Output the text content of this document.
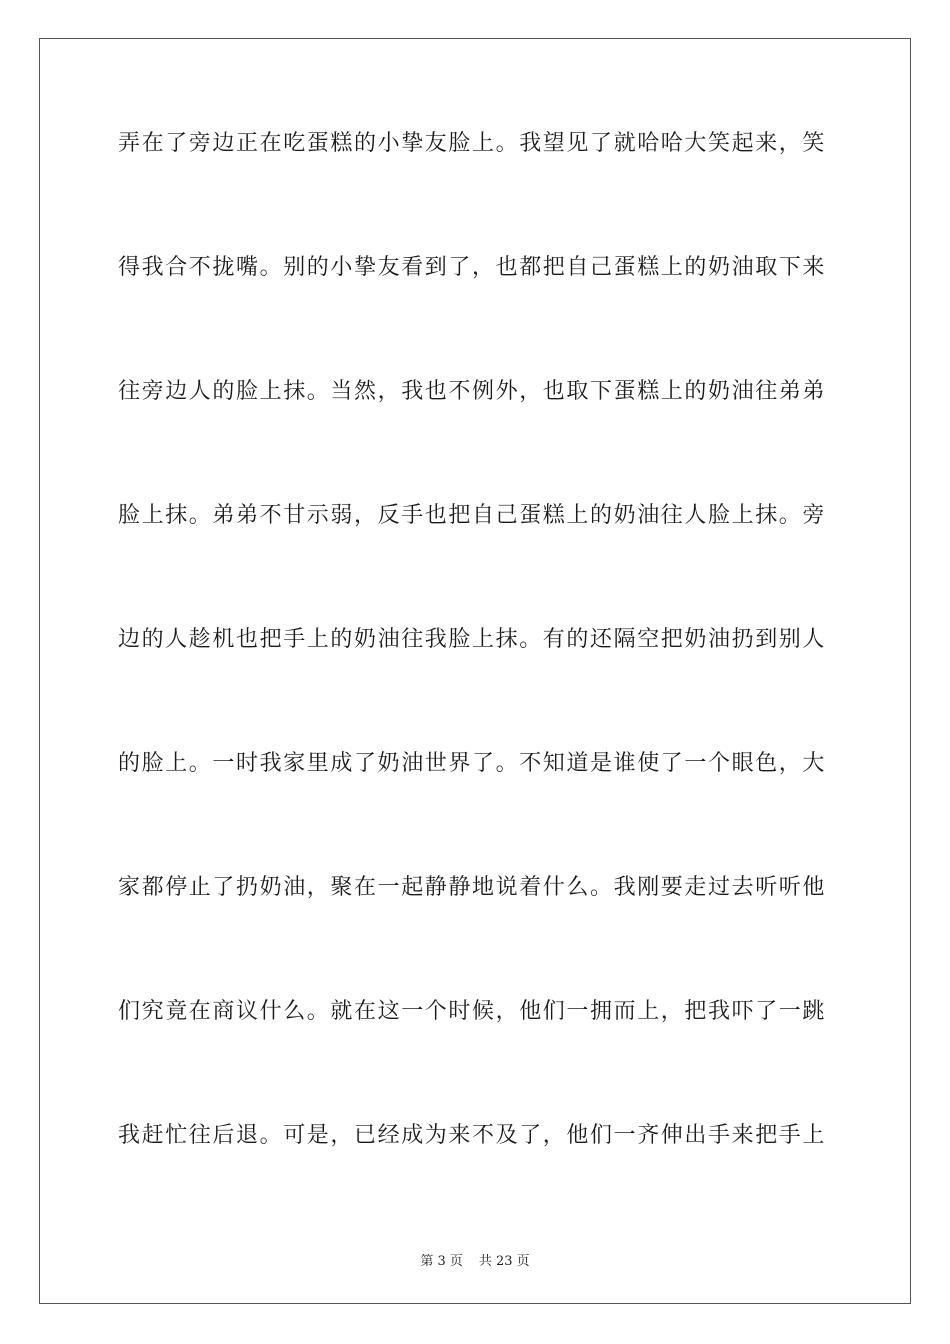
弄在了旁边正在吃蛋糕的小挚友脸上。我望见了就哈哈大笑起来，笑
得我合不拢嘴。别的小挚友看到了，也都把自己蛋糕上的奶油取下来
往旁边人的脸上抹。当然，我也不例外，也取下蛋糕上的奶油往弟弟
脸上抹。弟弟不甘示弱，反手也把自己蛋糕上的奶油往人脸上抹。旁
边的人趁机也把手上的奶油往我脸上抹。有的还隔空把奶油扔到别人
的脸上。一时我家里成了奶油世界了。不知道是谁使了一个眼色，大
家都停止了扔奶油，聚在一起静静地说着什么。我刚要走过去听听他
们究竟在商议什么。就在这一个时候，他们一拥而上，把我吓了一跳
我赶忙往后退。可是，已经成为来不及了，他们一齐伸出手来把手上
第 3 页 共 23 页
